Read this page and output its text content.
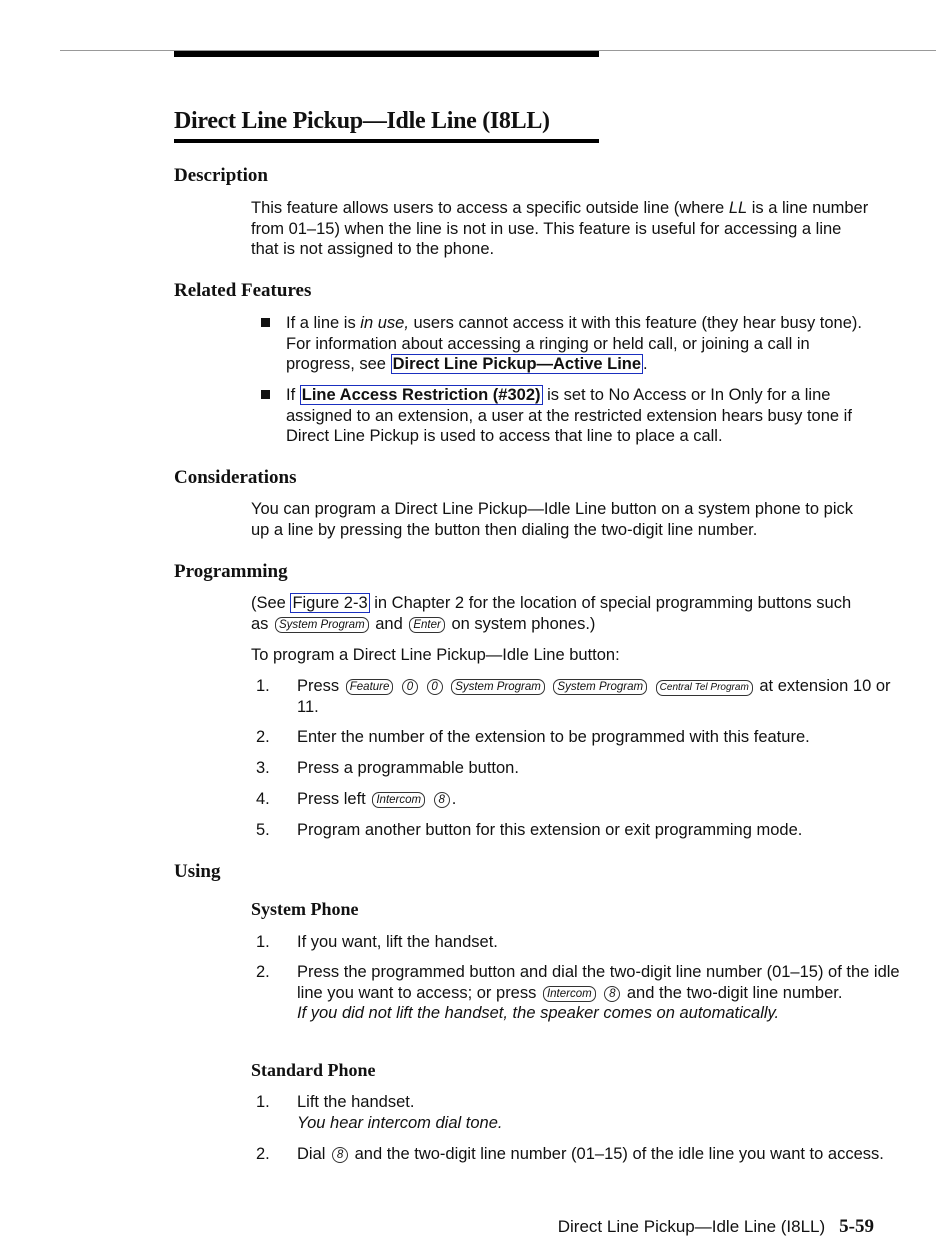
Direct Line Pickup—Idle Line (I8LL)
Description
This feature allows users to access a specific outside line (where LL is a line number from 01–15) when the line is not in use. This feature is useful for accessing a line that is not assigned to the phone.
Related Features
If a line is in use, users cannot access it with this feature (they hear busy tone). For information about accessing a ringing or held call, or joining a call in progress, see Direct Line Pickup—Active Line .
If Line Access Restriction (#302) is set to No Access or In Only for a line assigned to an extension, a user at the restricted extension hears busy tone if Direct Line Pickup is used to access that line to place a call.
Considerations
You can program a Direct Line Pickup—Idle Line button on a system phone to pick up a line by pressing the button then dialing the two-digit line number.
Programming
(See Figure 2-3 in Chapter 2 for the location of special programming buttons such as System Program and Enter on system phones.)
To program a Direct Line Pickup—Idle Line button:
1. Press Feature 0 0 System Program System Program Central Tel Program at extension 10 or 11.
2. Enter the number of the extension to be programmed with this feature.
3. Press a programmable button.
4. Press left Intercom 8 .
5. Program another button for this extension or exit programming mode.
Using
System Phone
1. If you want, lift the handset.
2. Press the programmed button and dial the two-digit line number (01–15) of the idle line you want to access; or press Intercom 8 and the two-digit line number.
If you did not lift the handset, the speaker comes on automatically.
Standard Phone
1. Lift the handset.
You hear intercom dial tone.
2. Dial 8 and the two-digit line number (01–15) of the idle line you want to access.
Direct Line Pickup—Idle Line (I8LL) 5-59
